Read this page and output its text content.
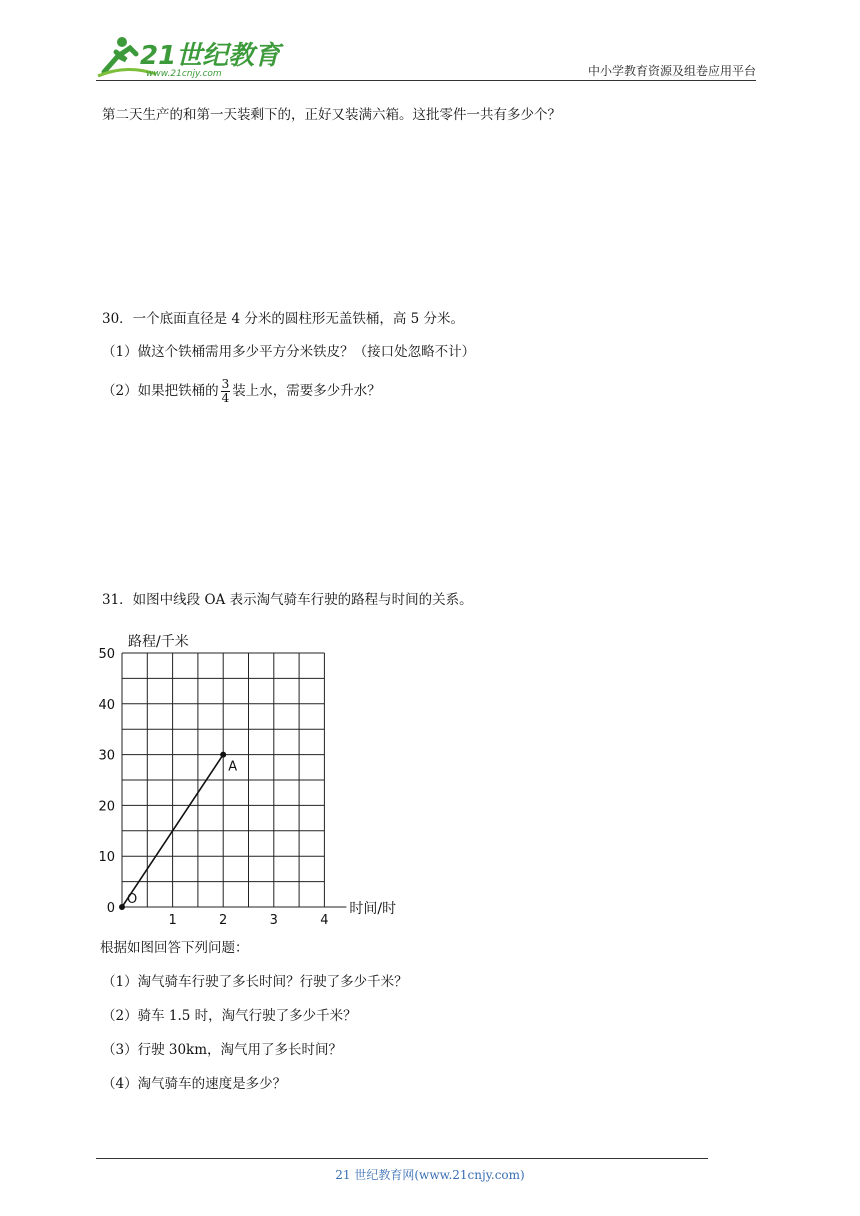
21世纪教育
www.21cnjy.com	中小学教育资源及组卷应用平台
第二天生产的和第一天装剩下的，正好又装满六箱。这批零件一共有多少个？
30．一个底面直径是 4 分米的圆柱形无盖铁桶，高 5 分米。
（1）做这个铁桶需用多少平方分米铁皮？（接口处忽略不计）
（2）如果把铁桶的 $\frac{3}{4}$ 装上水，需要多少升水？
31．如图中线段 OA 表示淘气骑车行驶的路程与时间的关系。
0
10
20
30
40
50
1	2	3	4
路程/千米
时间/时
O
A
根据如图回答下列问题：
（1）淘气骑车行驶了多长时间？行驶了多少千米？
（2）骑车 1.5 时，淘气行驶了多少千米？
（3）行驶 30km，淘气用了多长时间？
（4）淘气骑车的速度是多少？
21 世纪教育网(www.21cnjy.com)
